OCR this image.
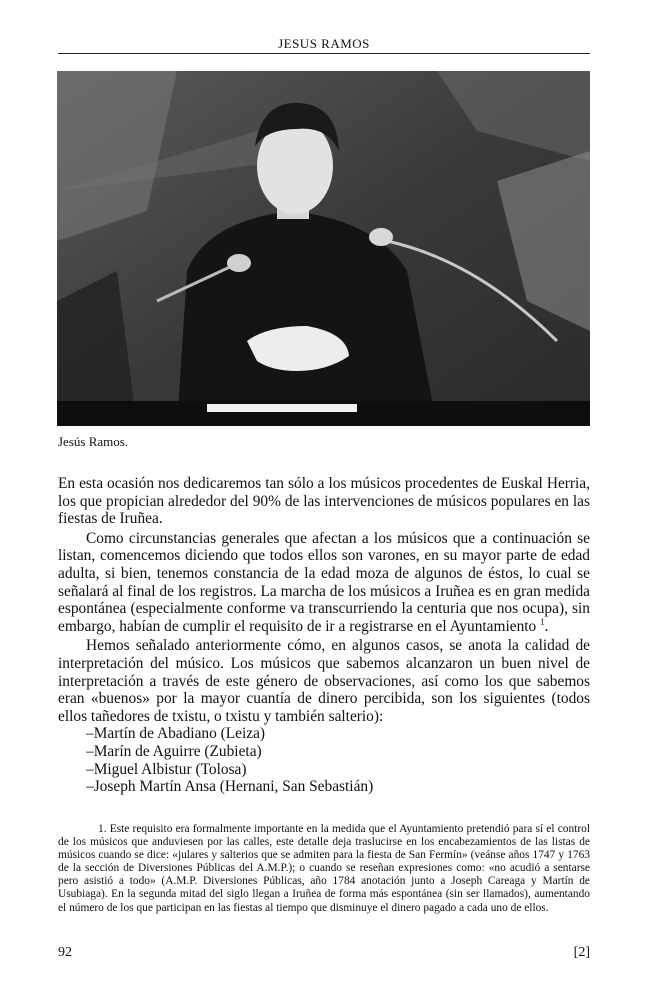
JESUS RAMOS
Jesús Ramos.

En esta ocasión nos dedicaremos tan sólo a los músicos procedentes de Euskal Herria, los que propician alrededor del 90% de las intervenciones de músicos populares en las fiestas de Iruñea.

Como circunstancias generales que afectan a los músicos que a continuación se listan, comencemos diciendo que todos ellos son varones, en su mayor parte de edad adulta, si bien, tenemos constancia de la edad moza de algunos de éstos, lo cual se señalará al final de los registros. La marcha de los músicos a Iruñea es en gran medida espontánea (especialmente conforme va transcurriendo la centuria que nos ocupa), sin embargo, habían de cumplir el requisito de ir a registrarse en el Ayuntamiento $^1$.

Hemos señalado anteriormente cómo, en algunos casos, se anota la calidad de interpretación del músico. Los músicos que sabemos alcanzaron un buen nivel de interpretación a través de este género de observaciones, así como los que sabemos eran «buenos» por la mayor cuantía de dinero percibida, son los siguientes (todos ellos tañedores de txistu, o txistu y también salterio):

–Martín de Abadiano (Leiza)
–Marín de Aguirre (Zubieta)
–Miguel Albistur (Tolosa)
–Joseph Martín Ansa (Hernani, San Sebastián)

1. Este requisito era formalmente importante en la medida que el Ayuntamiento pretendió para sí el control de los músicos que anduviesen por las calles, este detalle deja traslucirse en los encabezamientos de las listas de músicos cuando se dice: «julares y salterios que se admiten para la fiesta de San Fermín» (veánse años 1747 y 1763 de la sección de Diversiones Públicas del A.M.P.); o cuando se reseñan expresiones como: «no acudió a sentarse pero asistió a todo» (A.M.P. Diversiones Públicas, año 1784 anotación junto a Joseph Careaga y Martín de Usubiaga). En la segunda mitad del siglo llegan a Iruñea de forma más espontánea (sin ser llamados), aumentando el número de los que participan en las fiestas al tiempo que disminuye el dinero pagado a cada uno de ellos.

92	[2]
